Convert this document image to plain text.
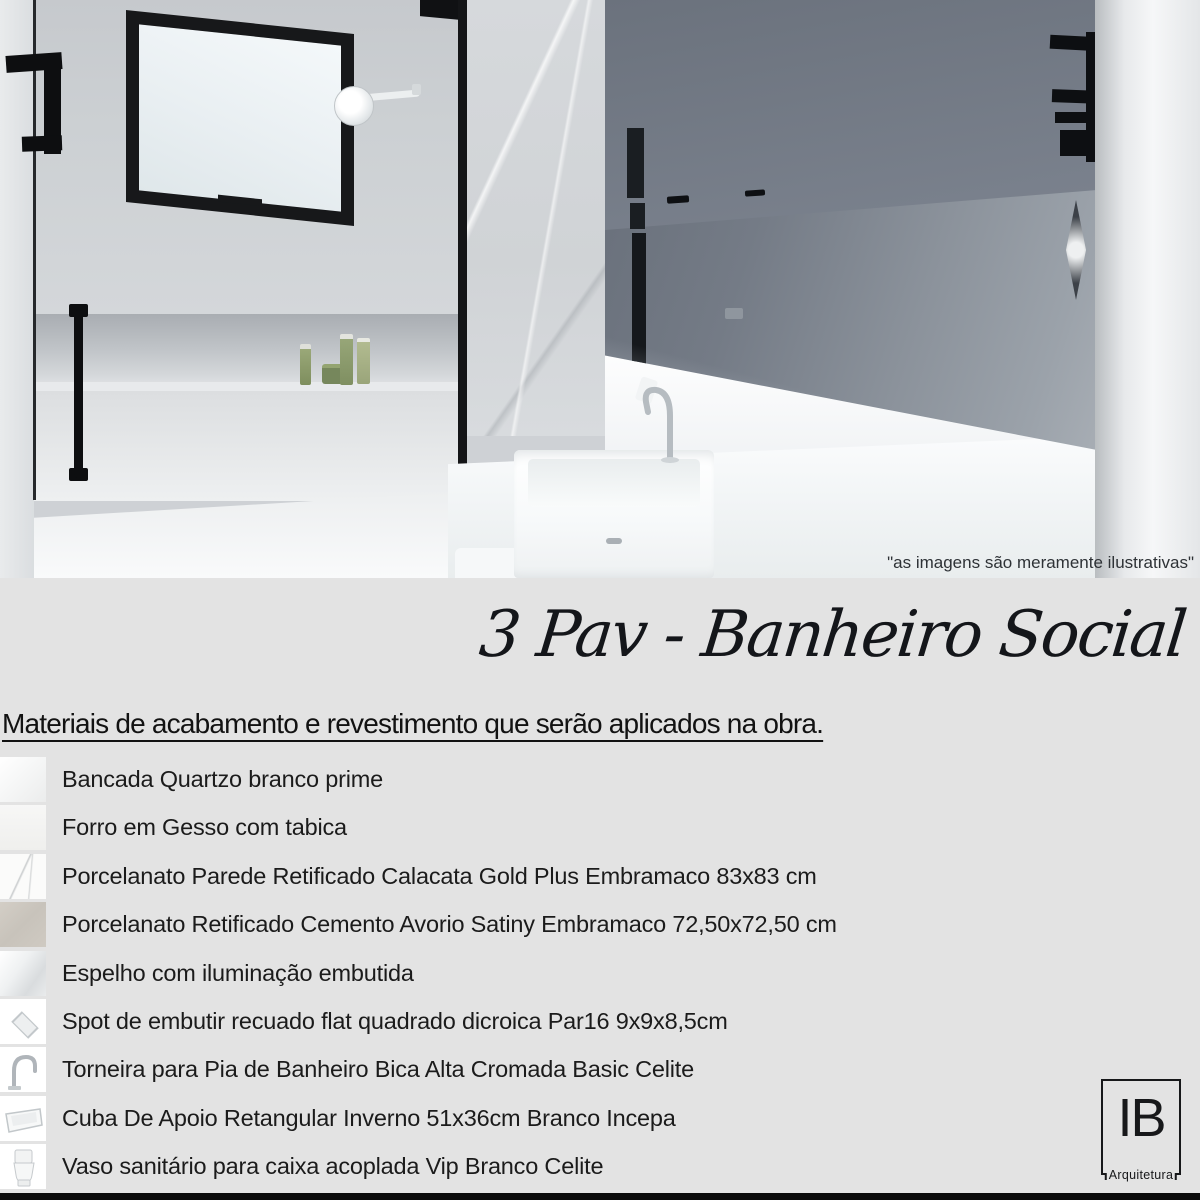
"as imagens são meramente ilustrativas"
3 Pav - Banheiro Social
Materiais de acabamento e revestimento que serão aplicados na obra.
Bancada Quartzo branco prime
Forro em Gesso com tabica
Porcelanato Parede Retificado Calacata Gold Plus Embramaco 83x83 cm
Porcelanato Retificado Cemento Avorio Satiny Embramaco 72,50x72,50 cm
Espelho com iluminação embutida
Spot de embutir recuado flat quadrado dicroica Par16 9x9x8,5cm
Torneira para Pia de Banheiro Bica Alta Cromada Basic Celite
Cuba De Apoio Retangular Inverno 51x36cm Branco Incepa
Vaso sanitário para caixa acoplada Vip Branco Celite
IB
Arquitetura
